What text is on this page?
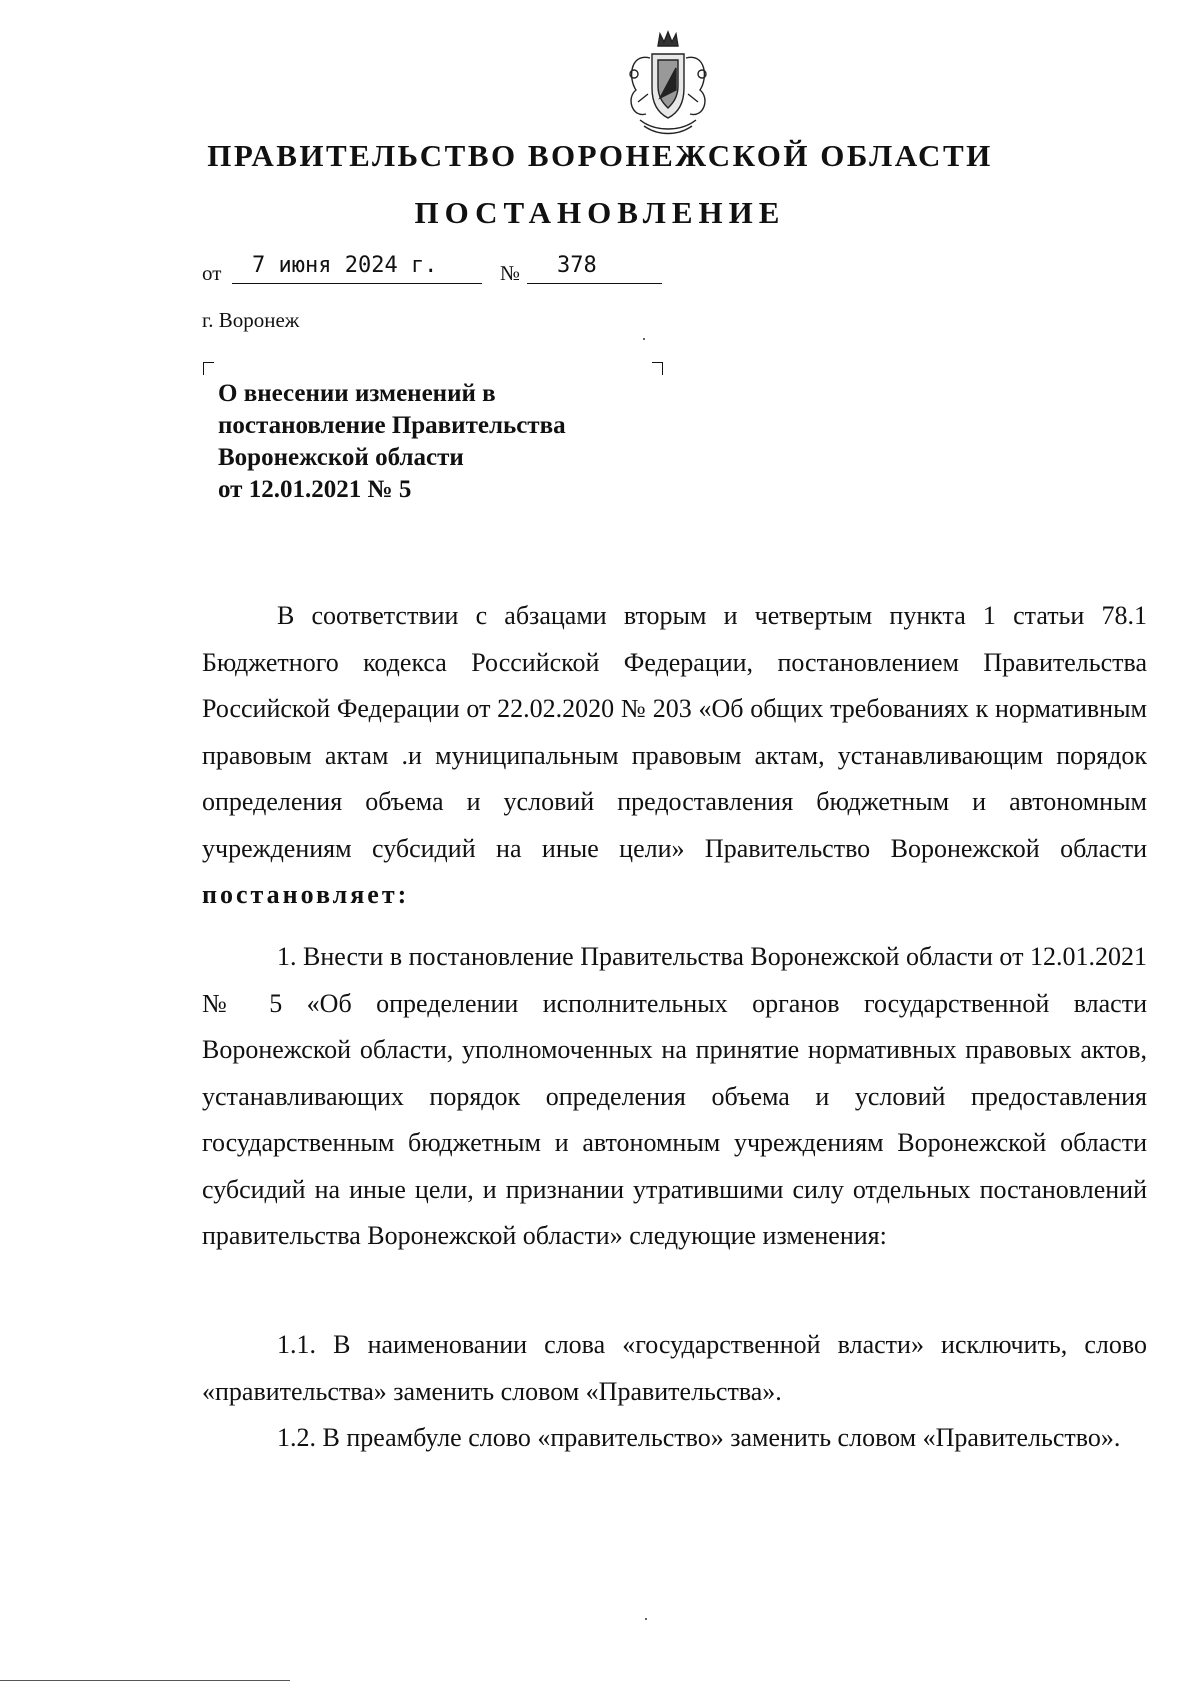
ПРАВИТЕЛЬСТВО ВОРОНЕЖСКОЙ ОБЛАСТИ
ПОСТАНОВЛЕНИЕ
от 7 июня 2024 г.	№ 378
г. Воронеж
О внесении изменений в
постановление Правительства
Воронежской области
от 12.01.2021 № 5
В соответствии с абзацами вторым и четвертым пункта 1 статьи 78.1 Бюджетного кодекса Российской Федерации, постановлением Правительства Российской Федерации от 22.02.2020 № 203 «Об общих требованиях к нормативным правовым актам .и муниципальным правовым актам, устанавливающим порядок определения объема и условий предоставления бюджетным и автономным учреждениям субсидий на иные цели» Правительство Воронежской области постановляет:
1. Внести в постановление Правительства Воронежской области от 12.01.2021 № 5 «Об определении исполнительных органов государственной власти Воронежской области, уполномоченных на принятие нормативных правовых актов, устанавливающих порядок определения объема и условий предоставления государственным бюджетным и автономным учреждениям Воронежской области субсидий на иные цели, и признании утратившими силу отдельных постановлений правительства Воронежской области» следующие изменения:
1.1. В наименовании слова «государственной власти» исключить, слово «правительства» заменить словом «Правительства».
1.2. В преамбуле слово «правительство» заменить словом «Правительство».
